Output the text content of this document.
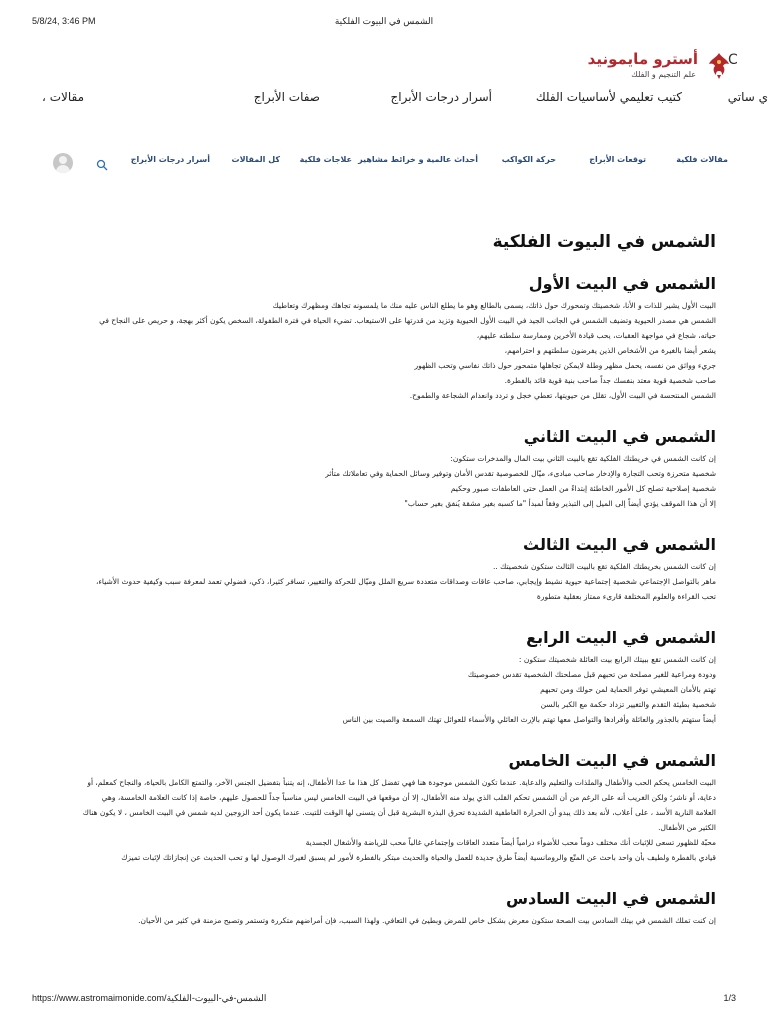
5/8/24, 3:46 PM	الشمس في البيوت الفلكية
أسترو مايمونيد
علم التنجيم و الفلك
C
ي ساتي
كتيب تعليمي لأساسيات الفلك
أسرار درجات الأبراج
صفات الأبراج
مقالات ،
مقالات فلكية
توقعات الأبراج
حركة الكواكب
أحداث عالمية و خرائط مشاهير
علاجات فلكية
كل المقالات
أسرار درجات الأبراج
الشمس في البيوت الفلكية
الشمس في البيت الأول

البيت الأول يشير للذات و الأنا، شخصيتك وتمحورك حول ذاتك، يسمى بالطالع وهو ما يطلع الناس عليه منك ما يلمسونه تجاهك ومظهرك وتعاطيك

الشمس هي مصدر الحيوية وتضيف الشمس في الجانب الجيد في البيت الأول الحيوية وتزيد من قدرتها على الاستيعاب. تضيء الحياة في فترة الطفولة، السخص يكون أكثر بهجة، و حريص على النجاح في

حياته، شجاع في مواجهة العقبات، يحب قيادة الأخرين وممارسة سلطته عليهم،

يشعر أيضا بالغيرة من الأشخاص الذين يفرضون سلطتهم و احترامهم،

جريء وواثق من نفسه، يحمل مظهر وطلة لايمكن تجاهلها متمحور حول ذاتك نفاسي وتحب الظهور

صاحب شخصية قوية معتد بنفسك جداً صاحب بنية قوية قائد بالفطرة.

الشمس المنتحسة في البيت الأول، تقلل من حيويتها، تعطي خجل و تردد وانعدام الشجاعة والطموح.

الشمس في البيت الثاني

إن كانت الشمس في خريطتك الفلكية تقع بالبيت الثاني بيت المال والمدخرات ستكون:

شخصية متحرزة وتحب التجارة والإدخار صاحب مبادىء، ميّال للخصوصية تقدس الأمان وتوفير وسائل الحماية وفي تعاملاتك متأثر

شخصية إصلاحية تصلح كل الأمور الخاطئة إبتداءً من العمل حتى العاطفات صبور وحكيم

إلا أن هذا الموقف يؤدي أيضاً إلى الميل إلى التبذير وفقاً لمبدأ "ما كسبه بغير مشقة يُنفق بغير حساب"

الشمس في البيت الثالث

إن كانت الشمس بخريطتك الفلكية تقع بالبيت الثالث ستكون شخصيتك ..

ماهر بالتواصل الإجتماعي شخصية إجتماعية حيوية نشيط وإيجابي، صاحب عاقات وصداقات متعددة سريع الملل وميّال للحركة والتغيير، تسافر كثيرا، ذكي، فضولي تعمد لمعرفة سبب وكيفية حدوث الأشياء،

تحب القراءة والعلوم المختلفة قارىء ممتاز بعقلية متطورة

الشمس في البيت الرابع

إن كانت الشمس تقع ببيتك الرابع بيت العائلة شخصيتك ستكون :

ودودة ومراعية للغير مصلحة من تحبهم قبل مصلحتك الشخصية تقدس خصوصيتك

تهتم بالأمان المعيشي توفر الحماية لمن حولك ومن تحبهم

شخصية بطيئة التقدم والتغيير تزداد حكمة مع الكبر بالسن

أيضاً ستهتم بالجذور والعائلة وأفرادها والتواصل معها تهتم بالإرث العائلي والأسماء للعوائل تهتك السمعة والصيت بين الناس

الشمس في البيت الخامس

البيت الخامس يحكم الحب والأطفال والملذات والتعليم والدعاية. عندما تكون الشمس موجودة هنا فهي تفضل كل هذا ما عدا الأطفال، إنه يتنبأ بتفضيل الجنس الآخر، والتمتع الكامل بالحياة، والنجاح كمعلم، أو

دعاية، أو ناشر؛ ولكن الغريب أنه على الرغم من أن الشمس تحكم القلب الذي يولد منه الأطفال، إلا أن موقعها في البيت الخامس ليس مناسباً جداً للحصول عليهم، خاصة إذا كانت العلامة الخامسة، وهي

العلامة النارية الأسد ، على أعلاب، لأنه بعد ذلك يبدو أن الحرارة العاطفية الشديدة تحرق البذرة البشرية قبل أن يتسنى لها الوقت للتيت. عندما يكون أحد الزوجين لديه شمس في البيت الخامس ، لا يكون هناك

الكثير من الأطفال.

محبّة للظهور تسعى للإثبات أنك مختلف دوماً محب للأضواء درامياً أيضاً متعدد العاقات وإجتماعي غالباً محب للرياضة والأشغال الجسدية

قيادي بالفطرة ولطيف بأن واحد باحث عن المتّع والرومانسية أيضاً طرق جديدة للعمل والحياة والحديث مبتكر بالفطرة لأمور لم يسبق لغيرك الوصول لها و تحب الحديث عن إنجازاتك لإثبات تميزك

الشمس في البيت السادس

إن كنت تملك الشمس في بيتك السادس بيت الصحة ستكون معرض بشكل خاص للمرض وبطيئ في التعافي. ولهذا السبب، فإن أمراضهم متكررة وتستمر وتصبح مزمنة في كثير من الأحيان.

https://www.astromaimonide.com/الشمس-في-البيوت-الفلكية	1/3
